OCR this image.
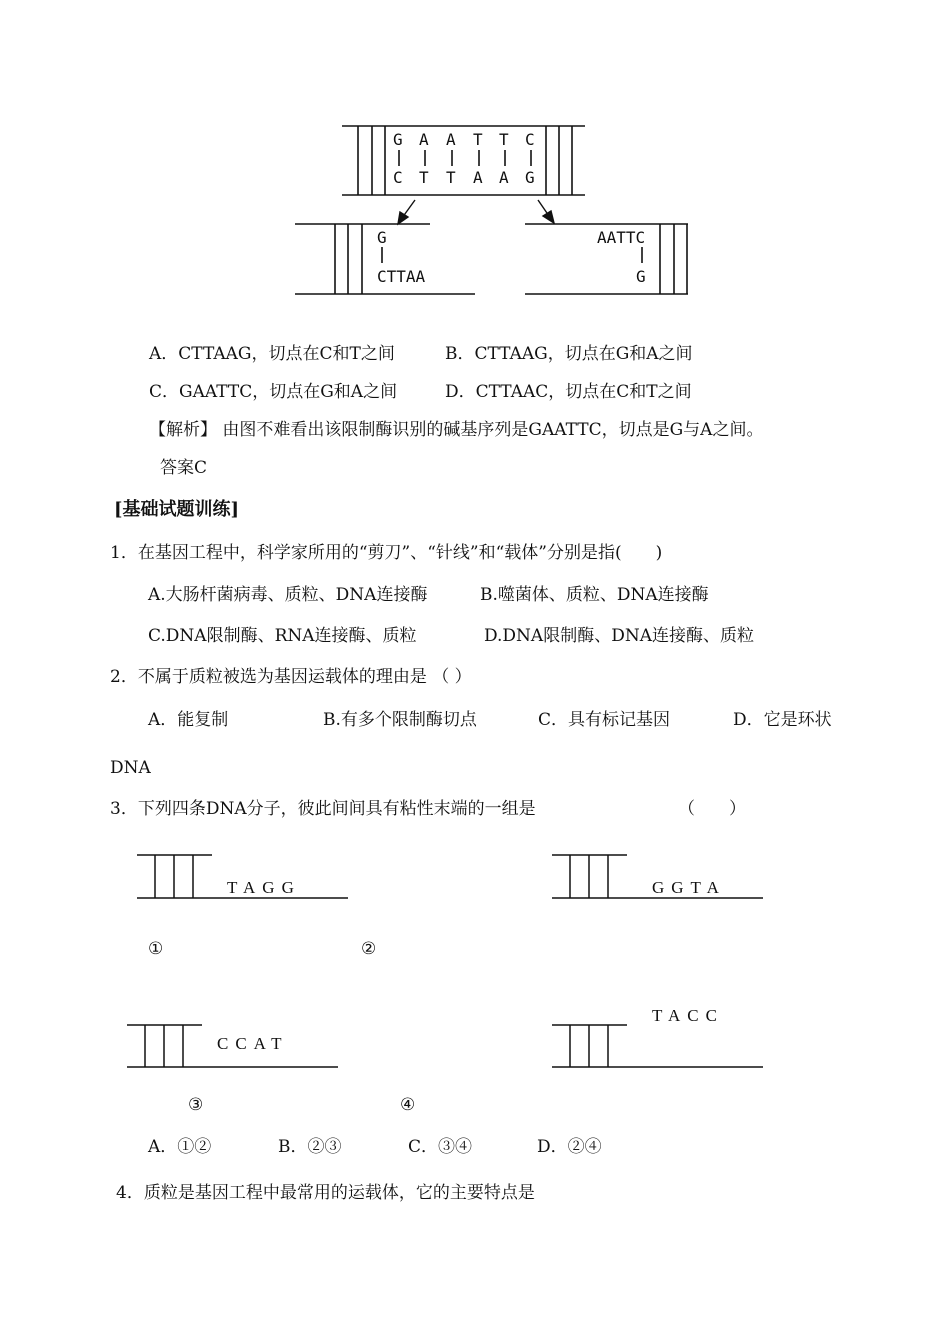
G A A T T C
C T T A A G
G
CTTAA
AATTC
G
A．CTTAAG，切点在C和T之间	B．CTTAAG，切点在G和A之间
C．GAATTC，切点在G和A之间	D．CTTAAC，切点在C和T之间
【解析】 由图不难看出该限制酶识别的碱基序列是GAATTC，切点是G与A之间。
答案C
[基础试题训练]
1．在基因工程中，科学家所用的“剪刀”、“针线”和“载体”分别是指(　　)
A.大肠杆菌病毒、质粒、DNA连接酶	B.噬菌体、质粒、DNA连接酶
C.DNA限制酶、RNA连接酶、质粒	D.DNA限制酶、DNA连接酶、质粒
2．不属于质粒被选为基因运载体的理由是 （ ）
A．能复制	B.有多个限制酶切点	C．具有标记基因	D．它是环状
DNA
3．下列四条DNA分子，彼此间间具有粘性末端的一组是	（　　）
TAGG	GGTA
CCAT
TACC
①	②
③	④
A．①②	B．②③	C．③④	D．②④
4．质粒是基因工程中最常用的运载体，它的主要特点是
